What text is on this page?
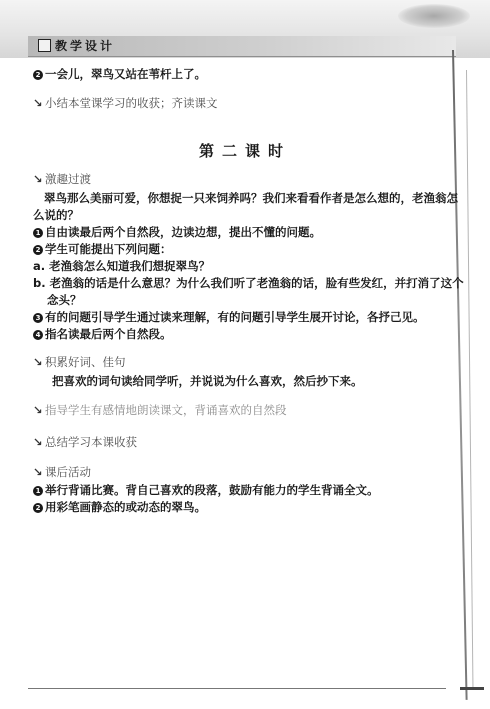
教学设计
2 一会儿，翠鸟又站在苇杆上了。
↘ 小结本堂课学习的收获；齐读课文
第二课时
↘ 激趣过渡
翠鸟那么美丽可爱，你想捉一只来饲养吗？我们来看看作者是怎么想的，老渔翁怎
么说的？
1 自由读最后两个自然段，边读边想，提出不懂的问题。
2 学生可能提出下列问题：
a. 老渔翁怎么知道我们想捉翠鸟？
b. 老渔翁的话是什么意思？为什么我们听了老渔翁的话，脸有些发红，并打消了这个
念头？
3 有的问题引导学生通过读来理解，有的问题引导学生展开讨论，各抒己见。
4 指名读最后两个自然段。
↘ 积累好词、佳句
把喜欢的词句读给同学听，并说说为什么喜欢，然后抄下来。
↘ 指导学生有感情地朗读课文，背诵喜欢的自然段
↘ 总结学习本课收获
↘ 课后活动
1 举行背诵比赛。背自己喜欢的段落，鼓励有能力的学生背诵全文。
2 用彩笔画静态的或动态的翠鸟。
